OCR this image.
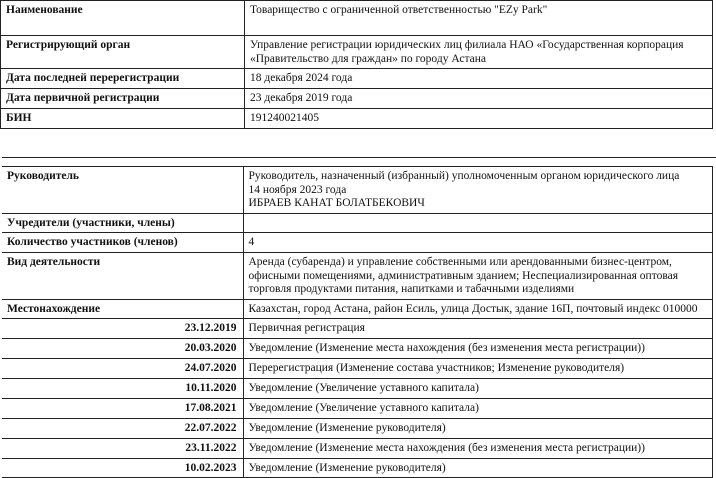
Наименование	Товарищество с ограниченной ответственностью "EZy Park"
Регистрирующий орган	Управление регистрации юридических лиц филиала НАО «Государственная корпорация «Правительство для граждан» по городу Астана
Дата последней перерегистрации	18 декабря 2024 года
Дата первичной регистрации	23 декабря 2019 года
БИН	191240021405
Руководитель	Руководитель, назначенный (избранный) уполномоченным органом юридического лица
14 ноября 2023 года
ИБРАЕВ КАНАТ БОЛАТБЕКОВИЧ

Учредители (участники, члены)	
Количество участников (членов)	4
Вид деятельности	Аренда (субаренда) и управление собственными или арендованными бизнес-центром, офисными помещениями, административным зданием; Неспециализированная оптовая торговля продуктами питания, напитками и табачными изделиями
Местонахождение	Казахстан, город Астана, район Есиль, улица Достык, здание 16П, почтовый индекс 010000
23.12.2019	Первичная регистрация
20.03.2020	Уведомление (Изменение места нахождения (без изменения места регистрации))
24.07.2020	Перерегистрация (Изменение состава участников; Изменение руководителя)
10.11.2020	Уведомление (Увеличение уставного капитала)
17.08.2021	Уведомление (Увеличение уставного капитала)
22.07.2022	Уведомление (Изменение руководителя)
23.11.2022	Уведомление (Изменение места нахождения (без изменения места регистрации))
10.02.2023	Уведомление (Изменение руководителя)
